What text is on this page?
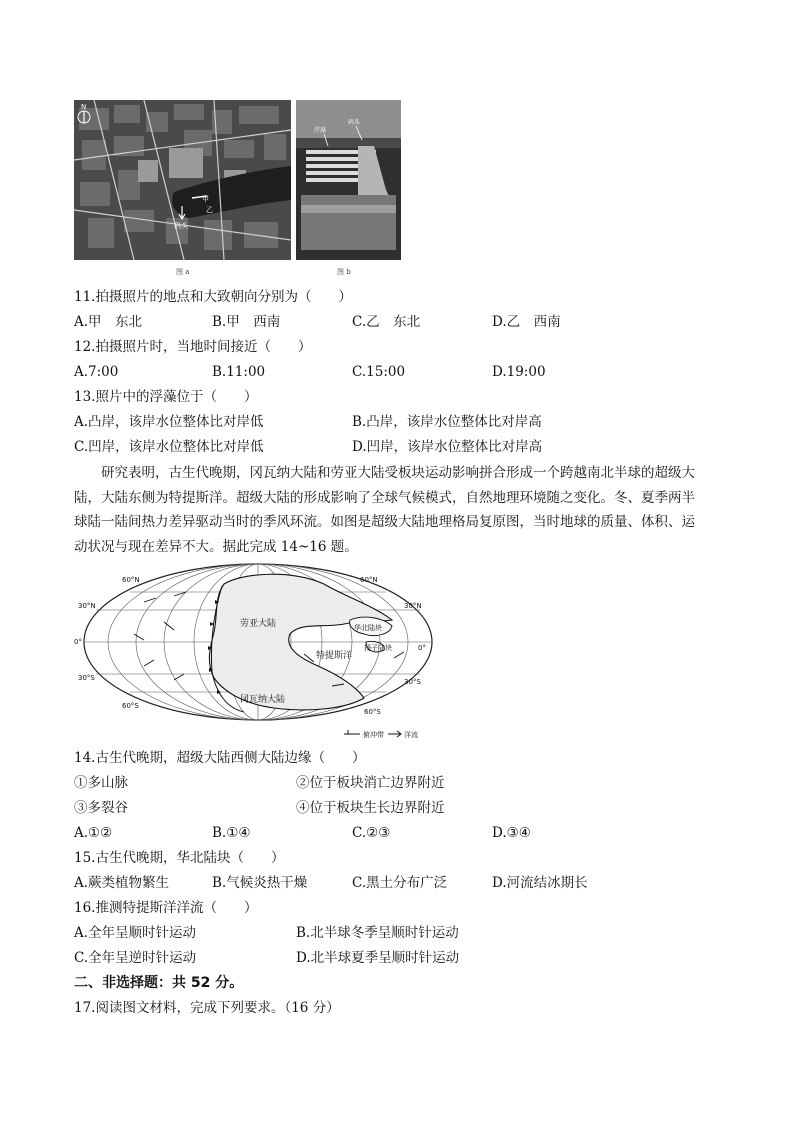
N
甲
乙
码头
图 a
浮藻
码头
图 b
11.拍摄照片的地点和大致朝向分别为（　　）
A.甲　东北	B.甲　西南	C.乙　东北	D.乙　西南
12.拍摄照片时，当地时间接近（　　）
A.7:00	B.11:00	C.15:00	D.19:00
13.照片中的浮藻位于（　　）
A.凸岸，该岸水位整体比对岸低	B.凸岸，该岸水位整体比对岸高
C.凹岸，该岸水位整体比对岸低	D.凹岸，该岸水位整体比对岸高
研究表明，古生代晚期，冈瓦纳大陆和劳亚大陆受板块运动影响拼合形成一个跨越南北半球的超级大
陆，大陆东侧为特提斯洋。超级大陆的形成影响了全球气候模式，自然地理环境随之变化。冬、夏季两半
球陆一陆间热力差异驱动当时的季风环流。如图是超级大陆地理格局复原图，当时地球的质量、体积、运
动状况与现在差异不大。据此完成 14~16 题。
60°N	60°N
30°N	30°N
0°
0°
30°S	30°S
60°S
60°S
劳亚大陆
冈瓦纳大陆
特提斯洋
华北陆块
扬子陆块
俯冲带	洋流
14.古生代晚期，超级大陆西侧大陆边缘（　　）
①多山脉	②位于板块消亡边界附近
③多裂谷	④位于板块生长边界附近
A.①②	B.①④	C.②③	D.③④
15.古生代晚期，华北陆块（　　）
A.蕨类植物繁生	B.气候炎热干燥	C.黑土分布广泛	D.河流结冰期长
16.推测特提斯洋洋流（　　）
A.全年呈顺时针运动	B.北半球冬季呈顺时针运动
C.全年呈逆时针运动	D.北半球夏季呈顺时针运动
二、非选择题：共 52 分。
17.阅读图文材料，完成下列要求。（16 分）
